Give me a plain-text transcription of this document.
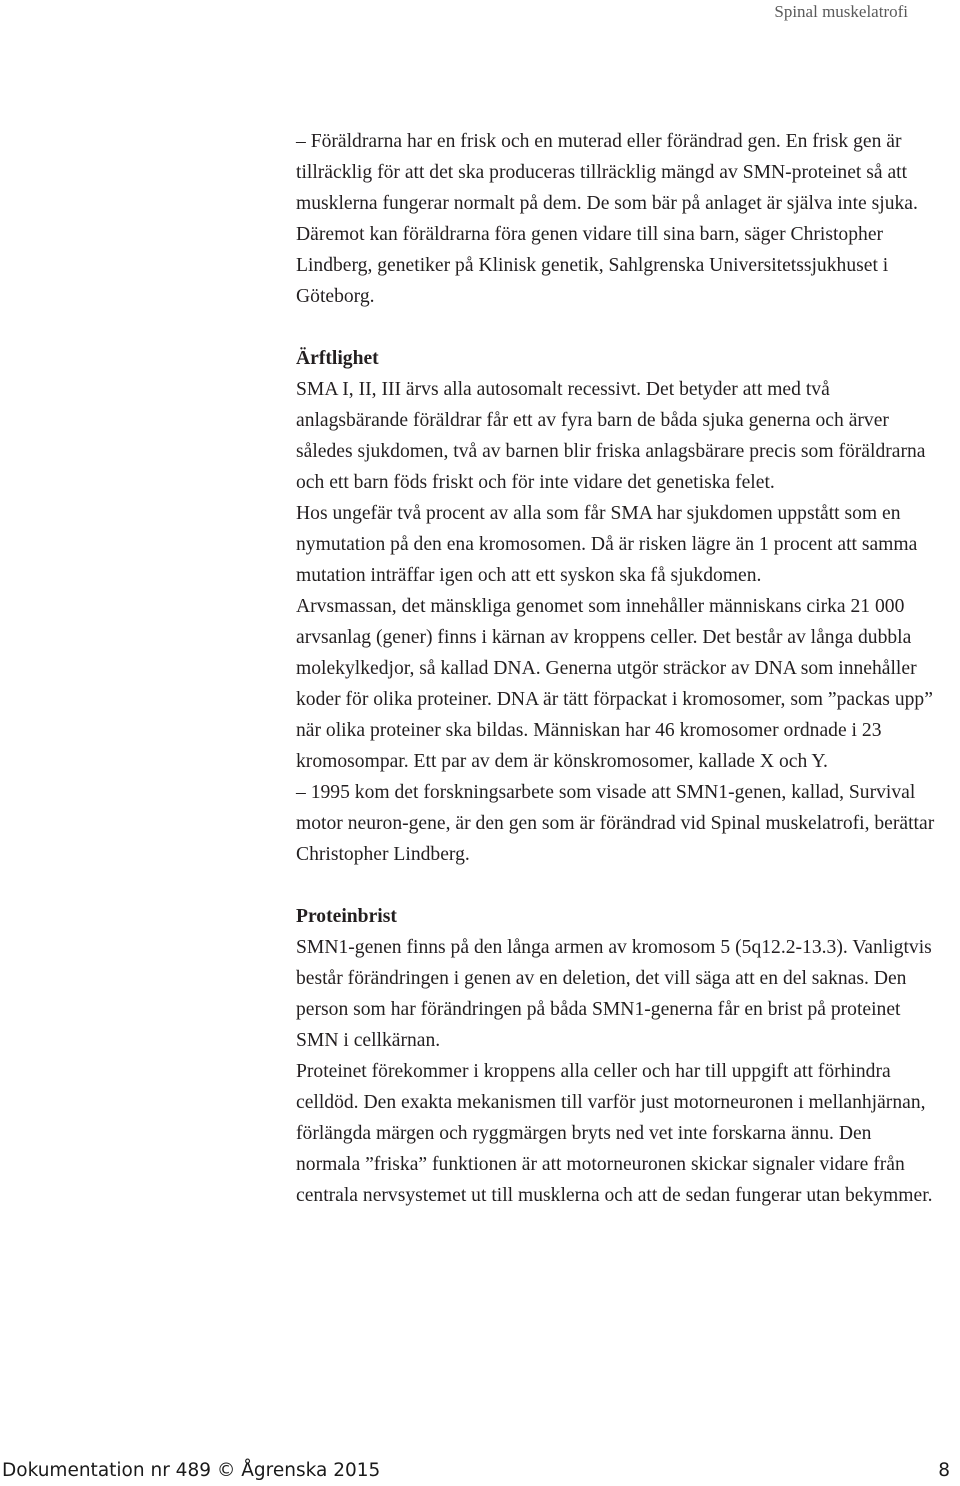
Spinal muskelatrofi

– Föräldrarna har en frisk och en muterad eller förändrad gen. En frisk gen är tillräcklig för att det ska produceras tillräcklig mängd av SMN-proteinet så att musklerna fungerar normalt på dem. De som bär på anlaget är själva inte sjuka. Däremot kan föräldrarna föra genen vidare till sina barn, säger Christopher Lindberg, genetiker på Klinisk genetik, Sahlgrenska Universitetssjukhuset i Göteborg.

Ärftlighet

SMA I, II, III ärvs alla autosomalt recessivt. Det betyder att med två anlagsbärande föräldrar får ett av fyra barn de båda sjuka generna och ärver således sjukdomen, två av barnen blir friska anlagsbärare precis som föräldrarna och ett barn föds friskt och för inte vidare det genetiska felet.

Hos ungefär två procent av alla som får SMA har sjukdomen uppstått som en nymutation på den ena kromosomen. Då är risken lägre än 1 procent att samma mutation inträffar igen och att ett syskon ska få sjukdomen.

Arvsmassan, det mänskliga genomet som innehåller människans cirka 21 000 arvsanlag (gener) finns i kärnan av kroppens celler. Det består av långa dubbla molekylkedjor, så kallad DNA. Generna utgör sträckor av DNA som innehåller koder för olika proteiner. DNA är tätt förpackat i kromosomer, som ”packas upp” när olika proteiner ska bildas. Människan har 46 kromosomer ordnade i 23 kromosompar. Ett par av dem är könskromosomer, kallade X och Y.

– 1995 kom det forskningsarbete som visade att SMN1-genen, kallad, Survival motor neuron-gene, är den gen som är förändrad vid Spinal muskelatrofi, berättar Christopher Lindberg.

Proteinbrist

SMN1-genen finns på den långa armen av kromosom 5 (5q12.2-13.3). Vanligtvis består förändringen i genen av en deletion, det vill säga att en del saknas. Den person som har förändringen på båda SMN1-generna får en brist på proteinet SMN i cellkärnan.

Proteinet förekommer i kroppens alla celler och har till uppgift att förhindra celldöd. Den exakta mekanismen till varför just motorneuronen i mellanhjärnan, förlängda märgen och ryggmärgen bryts ned vet inte forskarna ännu. Den normala ”friska” funktionen är att motorneuronen skickar signaler vidare från centrala nervsystemet ut till musklerna och att de sedan fungerar utan bekymmer.

Dokumentation nr 489 © Ågrenska 2015	8
